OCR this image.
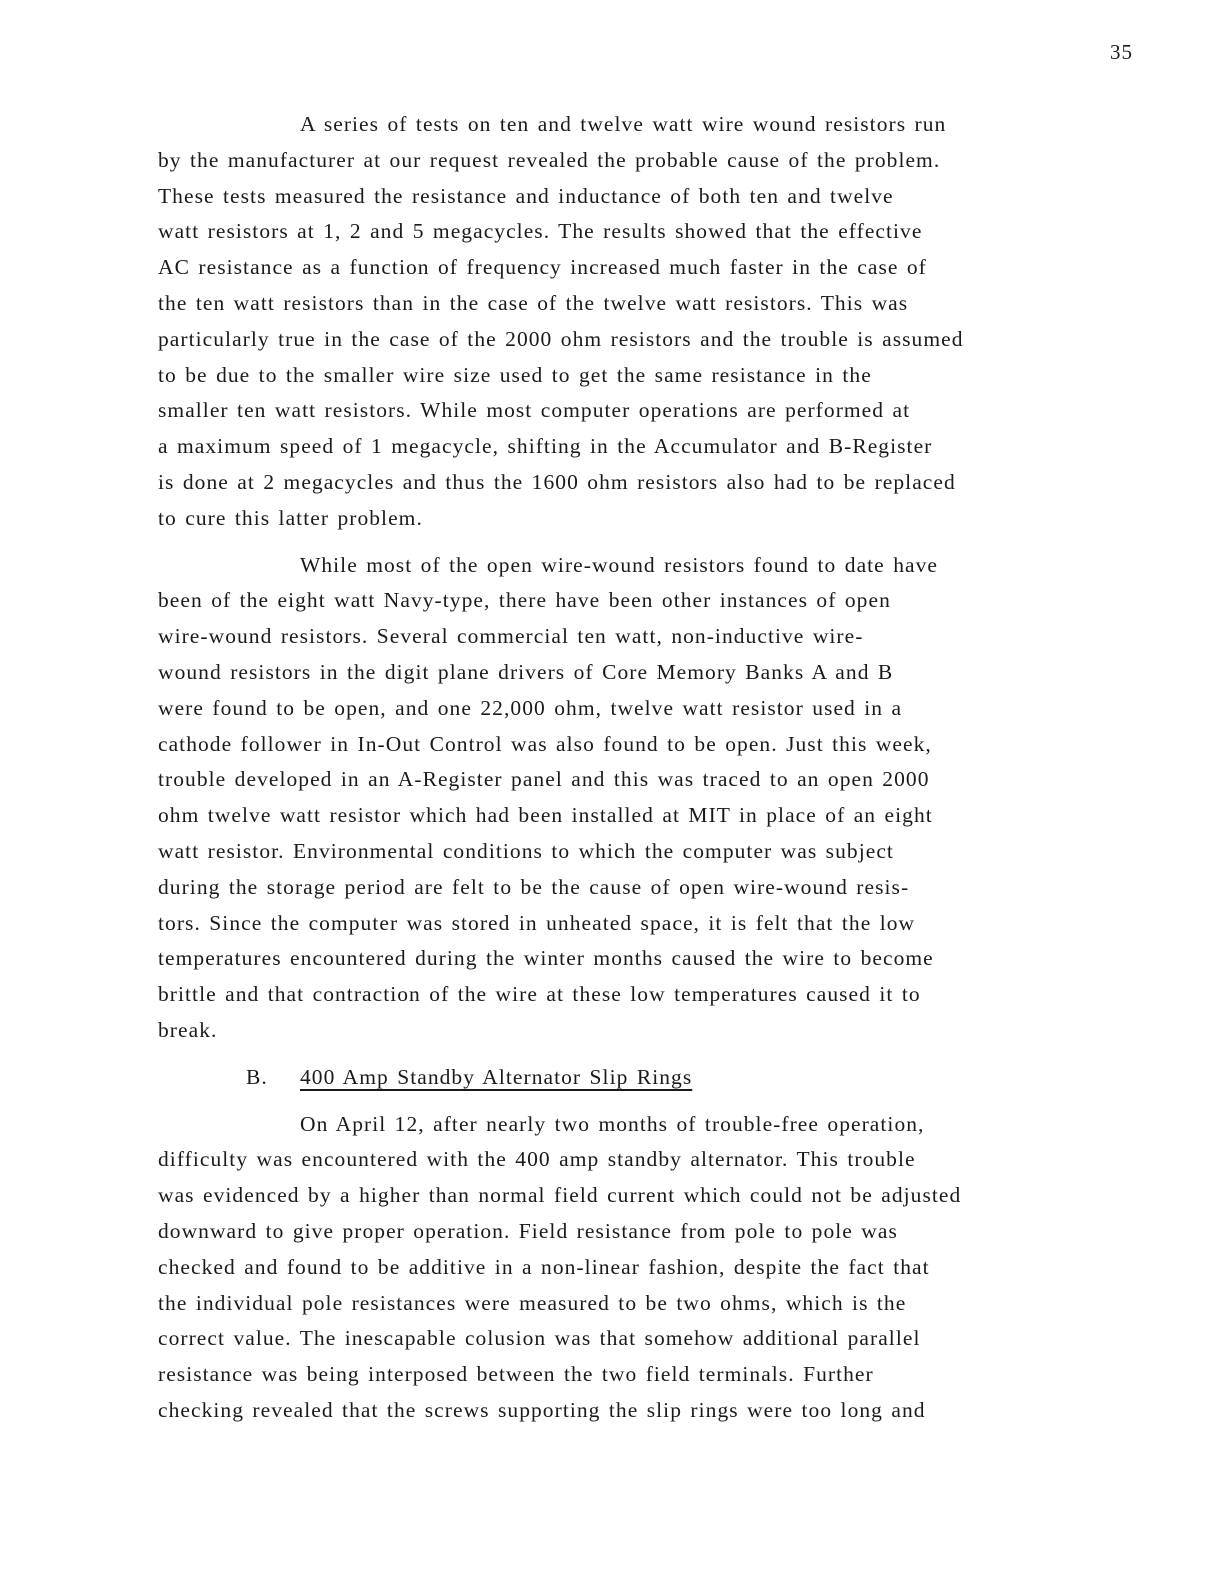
35
A series of tests on ten and twelve watt wire wound resistors run
by the manufacturer at our request revealed the probable cause of the problem.
These tests measured the resistance and inductance of both ten and twelve
watt resistors at 1, 2 and 5 megacycles. The results showed that the effective
AC resistance as a function of frequency increased much faster in the case of
the ten watt resistors than in the case of the twelve watt resistors. This was
particularly true in the case of the 2000 ohm resistors and the trouble is assumed
to be due to the smaller wire size used to get the same resistance in the
smaller ten watt resistors. While most computer operations are performed at
a maximum speed of 1 megacycle, shifting in the Accumulator and B-Register
is done at 2 megacycles and thus the 1600 ohm resistors also had to be replaced
to cure this latter problem.
While most of the open wire-wound resistors found to date have
been of the eight watt Navy-type, there have been other instances of open
wire-wound resistors. Several commercial ten watt, non-inductive wire-
wound resistors in the digit plane drivers of Core Memory Banks A and B
were found to be open, and one 22,000 ohm, twelve watt resistor used in a
cathode follower in In-Out Control was also found to be open. Just this week,
trouble developed in an A-Register panel and this was traced to an open 2000
ohm twelve watt resistor which had been installed at MIT in place of an eight
watt resistor. Environmental conditions to which the computer was subject
during the storage period are felt to be the cause of open wire-wound resis-
tors. Since the computer was stored in unheated space, it is felt that the low
temperatures encountered during the winter months caused the wire to become
brittle and that contraction of the wire at these low temperatures caused it to
break.
B. 400 Amp Standby Alternator Slip Rings
On April 12, after nearly two months of trouble-free operation,
difficulty was encountered with the 400 amp standby alternator. This trouble
was evidenced by a higher than normal field current which could not be adjusted
downward to give proper operation. Field resistance from pole to pole was
checked and found to be additive in a non-linear fashion, despite the fact that
the individual pole resistances were measured to be two ohms, which is the
correct value. The inescapable colusion was that somehow additional parallel
resistance was being interposed between the two field terminals. Further
checking revealed that the screws supporting the slip rings were too long and
